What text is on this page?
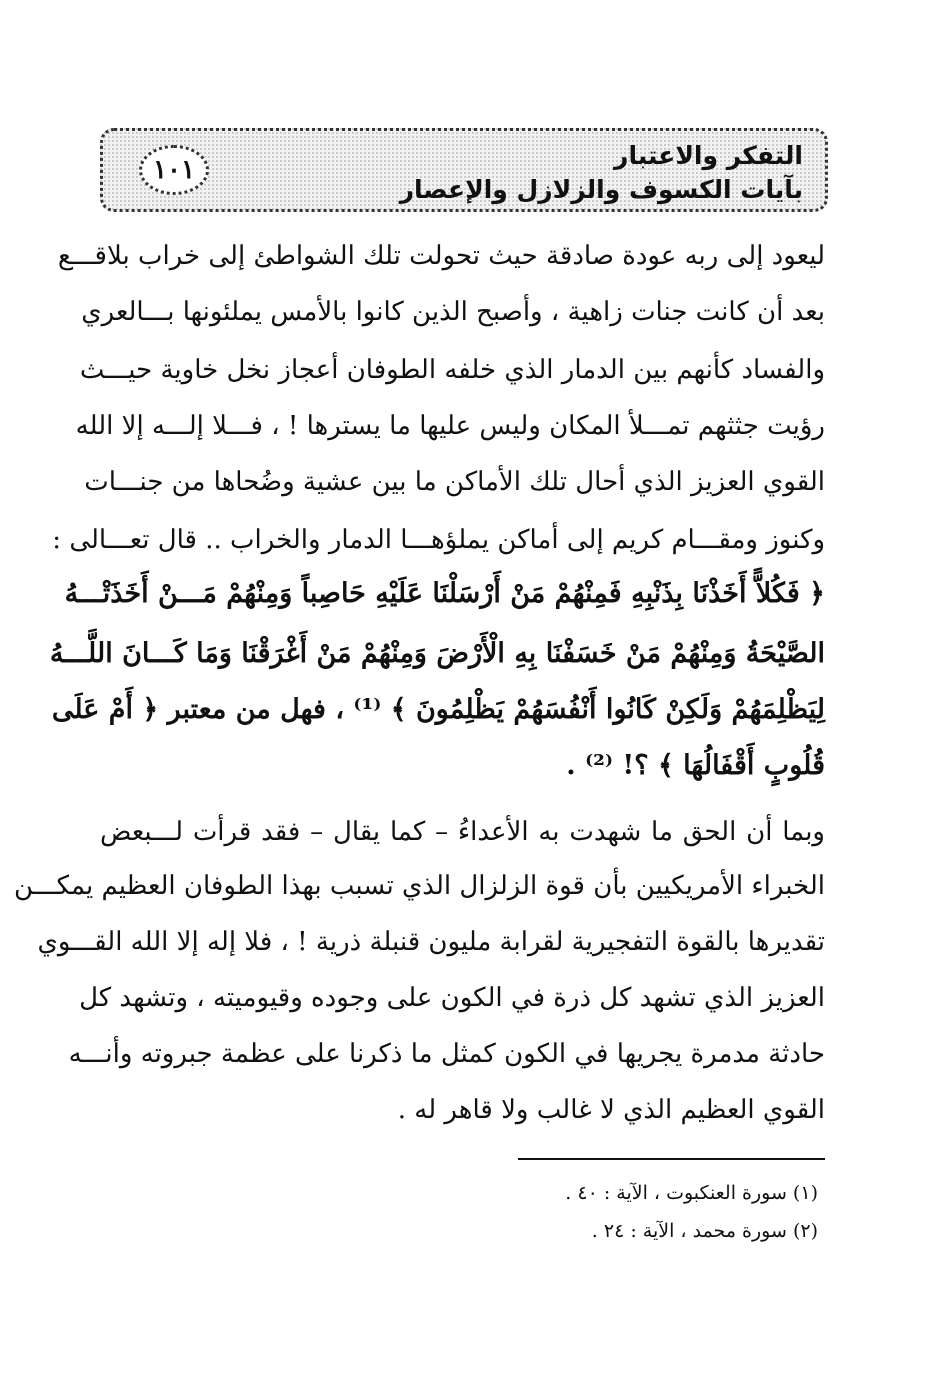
١٠١	التفكر والاعتبار
بآيات الكسوف والزلازل والإعصار
ليعود إلى ربه عودة صادقة حيث تحولت تلك الشواطئ إلى خراب بلاقـــع
بعد أن كانت جنات زاهية ، وأصبح الذين كانوا بالأمس يملئونها بـــالعري
والفساد كأنهم بين الدمار الذي خلفه الطوفان أعجاز نخل خاوية حيـــث
رؤيت جثثهم تمـــلأ المكان وليس عليها ما يسترها ! ، فـــلا إلـــه إلا الله
القوي العزيز الذي أحال تلك الأماكن ما بين عشية وضُحاها من جنـــات
وكنوز ومقـــام كريم إلى أماكن يملؤهـــا الدمار والخراب .. قال تعـــالى :
﴿ فَكُلاًّ أَخَذْنَا بِذَنْبِهِ فَمِنْهُمْ مَنْ أَرْسَلْنَا عَلَيْهِ حَاصِباً وَمِنْهُمْ مَـــنْ أَخَذَتْـــهُ
الصَّيْحَةُ وَمِنْهُمْ مَنْ خَسَفْنَا بِهِ الْأَرْضَ وَمِنْهُمْ مَنْ أَغْرَقْنَا وَمَا كَـــانَ اللَّـــهُ
لِيَظْلِمَهُمْ وَلَكِنْ كَانُوا أَنْفُسَهُمْ يَظْلِمُونَ ﴾ ⁽¹⁾ ، فهل من معتبر ﴿ أَمْ عَلَى
قُلُوبٍ أَقْفَالُهَا ﴾ ؟! ⁽²⁾ .
وبما أن الحق ما شهدت به الأعداءُ – كما يقال – فقد قرأت لـــبعض
الخبراء الأمريكيين بأن قوة الزلزال الذي تسبب بهذا الطوفان العظيم يمكـــن
تقديرها بالقوة التفجيرية لقرابة مليون قنبلة ذرية ! ، فلا إله إلا الله القـــوي
العزيز الذي تشهد كل ذرة في الكون على وجوده وقيوميته ، وتشهد كل
حادثة مدمرة يجريها في الكون كمثل ما ذكرنا على عظمة جبروته وأنـــه
القوي العظيم الذي لا غالب ولا قاهر له .
(١) سورة العنكبوت ، الآية : ٤٠ .
(٢) سورة محمد ، الآية : ٢٤ .
